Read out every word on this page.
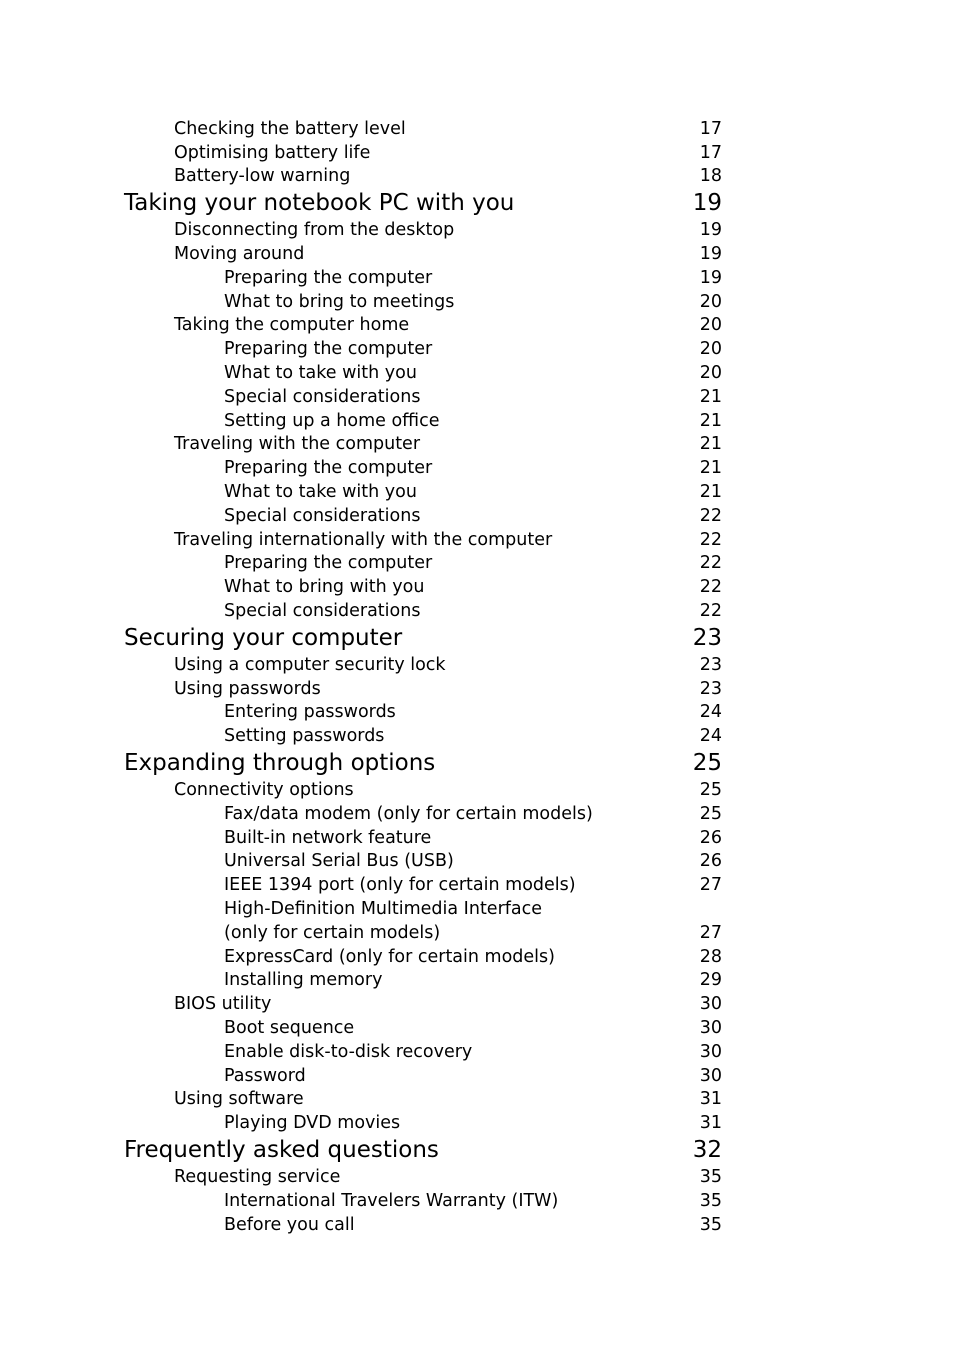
Checking the battery level	17
Optimising battery life	17
Battery-low warning	18
Taking your notebook PC with you	19
Disconnecting from the desktop	19
Moving around	19
Preparing the computer	19
What to bring to meetings	20
Taking the computer home	20
Preparing the computer	20
What to take with you	20
Special considerations	21
Setting up a home office	21
Traveling with the computer	21
Preparing the computer	21
What to take with you	21
Special considerations	22
Traveling internationally with the computer	22
Preparing the computer	22
What to bring with you	22
Special considerations	22
Securing your computer	23
Using a computer security lock	23
Using passwords	23
Entering passwords	24
Setting passwords	24
Expanding through options	25
Connectivity options	25
Fax/data modem (only for certain models)	25
Built-in network feature	26
Universal Serial Bus (USB)	26
IEEE 1394 port (only for certain models)	27
High-Definition Multimedia Interface
(only for certain models)	27
ExpressCard (only for certain models)	28
Installing memory	29
BIOS utility	30
Boot sequence	30
Enable disk-to-disk recovery	30
Password	30
Using software	31
Playing DVD movies	31
Frequently asked questions	32
Requesting service	35
International Travelers Warranty (ITW)	35
Before you call	35
